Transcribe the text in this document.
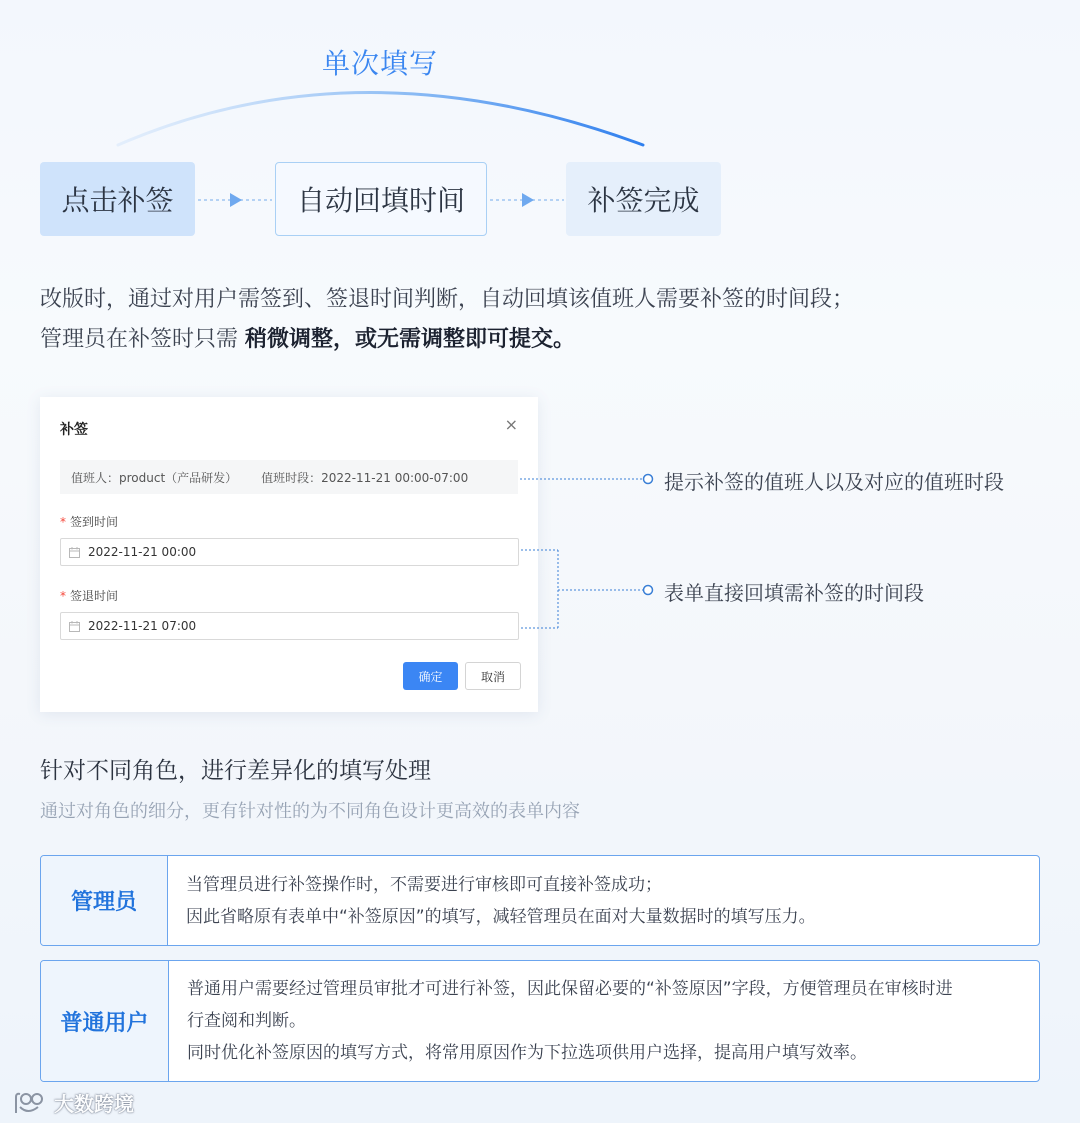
单次填写
点击补签	自动回填时间	补签完成

改版时，通过对用户需签到、签退时间判断，自动回填该值班人需要补签的时间段；

管理员在补签时只需 稍微调整，或无需调整即可提交。

补签	×
值班人：product（产品研发） 值班时段：2022-11-21 00:00-07:00
* 签到时间
2022-11-21 00:00
* 签退时间
2022-11-21 07:00
确定	取消
提示补签的值班人以及对应的值班时段
表单直接回填需补签的时间段
针对不同角色，进行差异化的填写处理
通过对角色的细分，更有针对性的为不同角色设计更高效的表单内容
管理员

当管理员进行补签操作时，不需要进行审核即可直接补签成功；

因此省略原有表单中“补签原因”的填写，减轻管理员在面对大量数据时的填写压力。

普通用户

普通用户需要经过管理员审批才可进行补签，因此保留必要的“补签原因”字段，方便管理员在审核时进

行查阅和判断。

同时优化补签原因的填写方式，将常用原因作为下拉选项供用户选择，提高用户填写效率。

大数跨境
